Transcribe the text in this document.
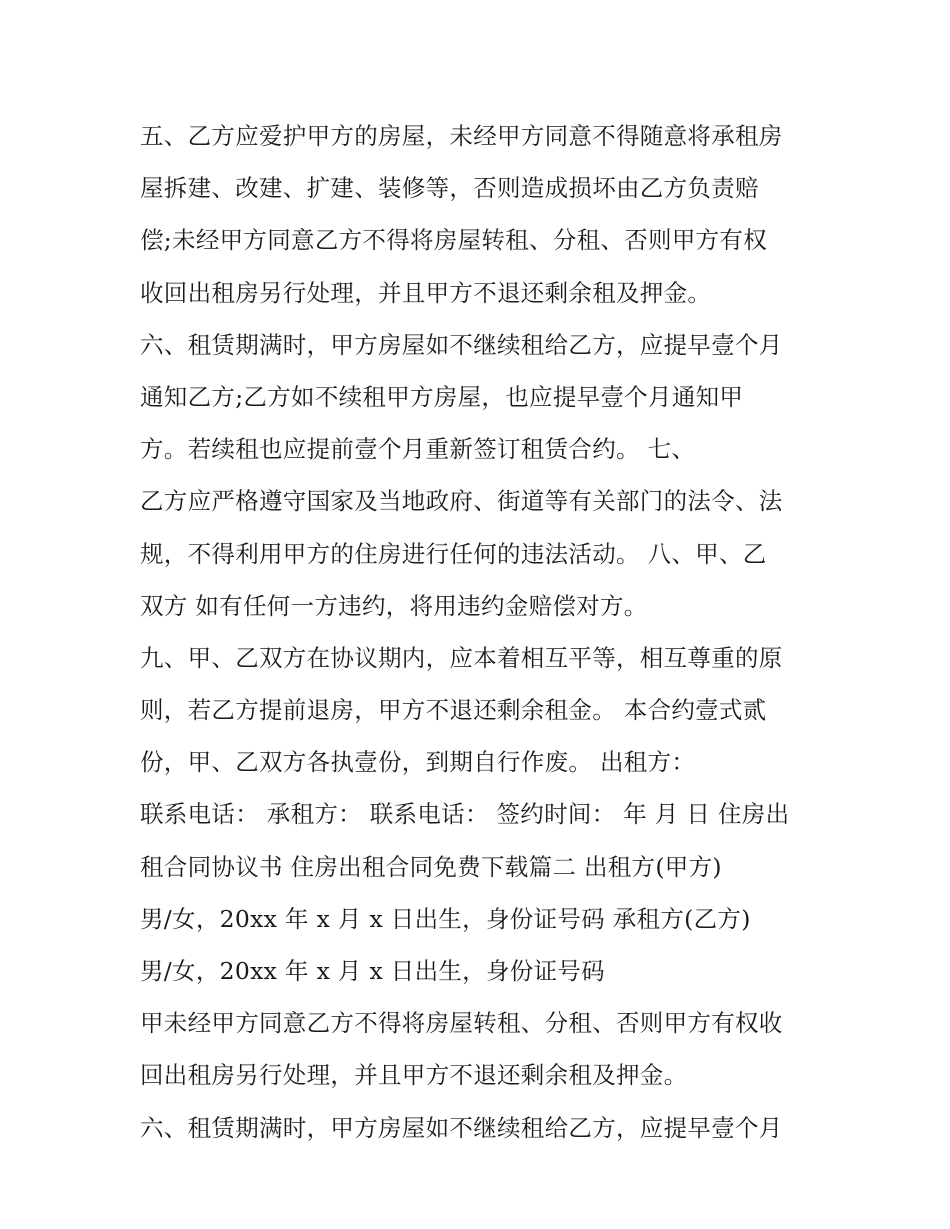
五、乙方应爱护甲方的房屋，未经甲方同意不得随意将承租房
屋拆建、改建、扩建、装修等，否则造成损坏由乙方负责赔
偿;未经甲方同意乙方不得将房屋转租、分租、否则甲方有权
收回出租房另行处理，并且甲方不退还剩余租及押金。
六、租赁期满时，甲方房屋如不继续租给乙方，应提早壹个月
通知乙方;乙方如不续租甲方房屋，也应提早壹个月通知甲
方。若续租也应提前壹个月重新签订租赁合约。 七、
乙方应严格遵守国家及当地政府、街道等有关部门的法令、法
规，不得利用甲方的住房进行任何的违法活动。 八、甲、乙
双方 如有任何一方违约，将用违约金赔偿对方。
九、甲、乙双方在协议期内，应本着相互平等，相互尊重的原
则，若乙方提前退房，甲方不退还剩余租金。 本合约壹式贰
份，甲、乙双方各执壹份，到期自行作废。 出租方：
联系电话： 承租方： 联系电话： 签约时间： 年 月 日 住房出
租合同协议书 住房出租合同免费下载篇二 出租方(甲方)
男/女，20xx 年 x 月 x 日出生，身份证号码 承租方(乙方)
男/女，20xx 年 x 月 x 日出生，身份证号码
甲未经甲方同意乙方不得将房屋转租、分租、否则甲方有权收
回出租房另行处理，并且甲方不退还剩余租及押金。
六、租赁期满时，甲方房屋如不继续租给乙方，应提早壹个月
